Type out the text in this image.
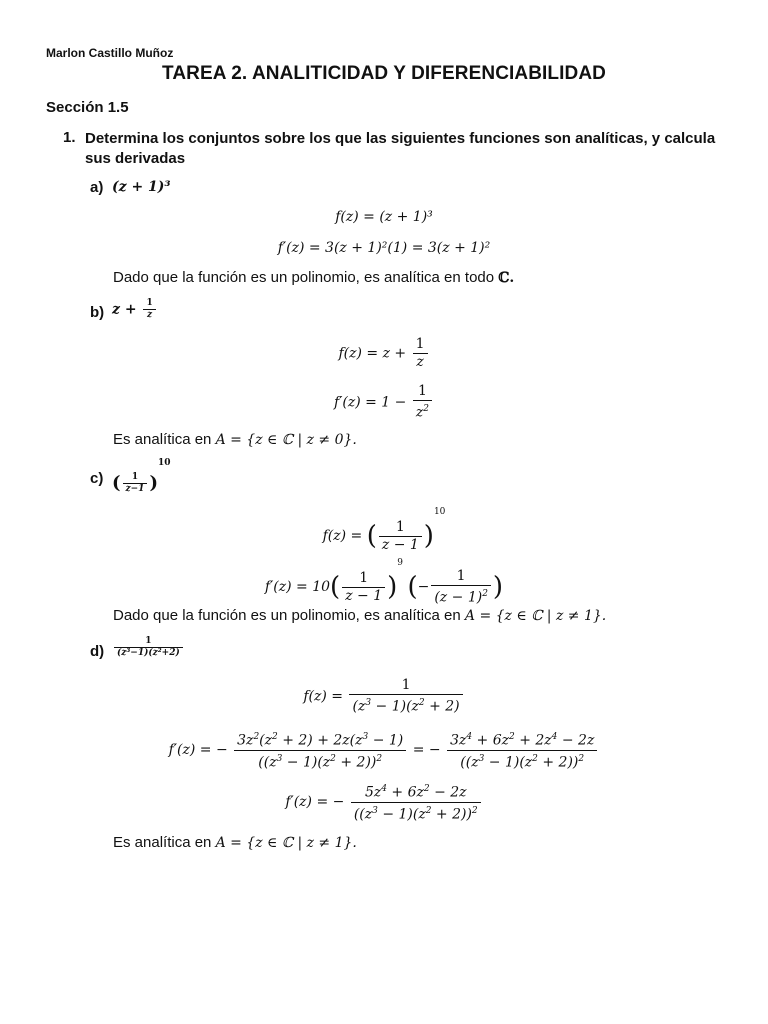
Marlon Castillo Muñoz
TAREA 2. ANALITICIDAD Y DIFERENCIABILIDAD
Sección 1.5
1. Determina los conjuntos sobre los que las siguientes funciones son analíticas, y calcula sus derivadas
a) (z + 1)³
f(z) = (z + 1)³
f′(z) = 3(z + 1)²(1) = 3(z + 1)²
Dado que la función es un polinomio, es analítica en todo ℂ.
b) $z + \frac{1}{z}$
$f(z) = z + \frac{1}{z}$
$f'(z) = 1 - \frac{1}{z^2}$
Es analítica en A = {z ∈ ℂ | z ≠ 0}.
c) ( $\frac{1}{z-1} )^{10}$
f(z) = ( $\frac{1}{z - 1} )^{10}$
$f'(z) = 10( \frac{1}{z - 1} )^9$ (− $\frac{1}{(z - 1)^2}$ )
Dado que la función es un polinomio, es analítica en A = {z ∈ ℂ | z ≠ 1}.
$d) \frac{1}{\text{(z³−1)(z²+2)}}$
$f(z) = \frac{1}{(z^3 - 1)(z^2 + 2)}$
f′(z) = − $\frac{3z^2(z^2 + 2) + 2z(z^3 - 1)}{((z^3 - 1)(z^2 + 2))^2}$ = − $\frac{3z^4 + 6z^2 + 2z^4 - 2z}{((z^3 - 1)(z^2 + 2))^2}$
f′(z) = − $\frac{5z^4 + 6z^2 - 2z}{((z^3 - 1)(z^2 + 2))^2}$
Es analítica en A = {z ∈ ℂ | z ≠ 1}.
